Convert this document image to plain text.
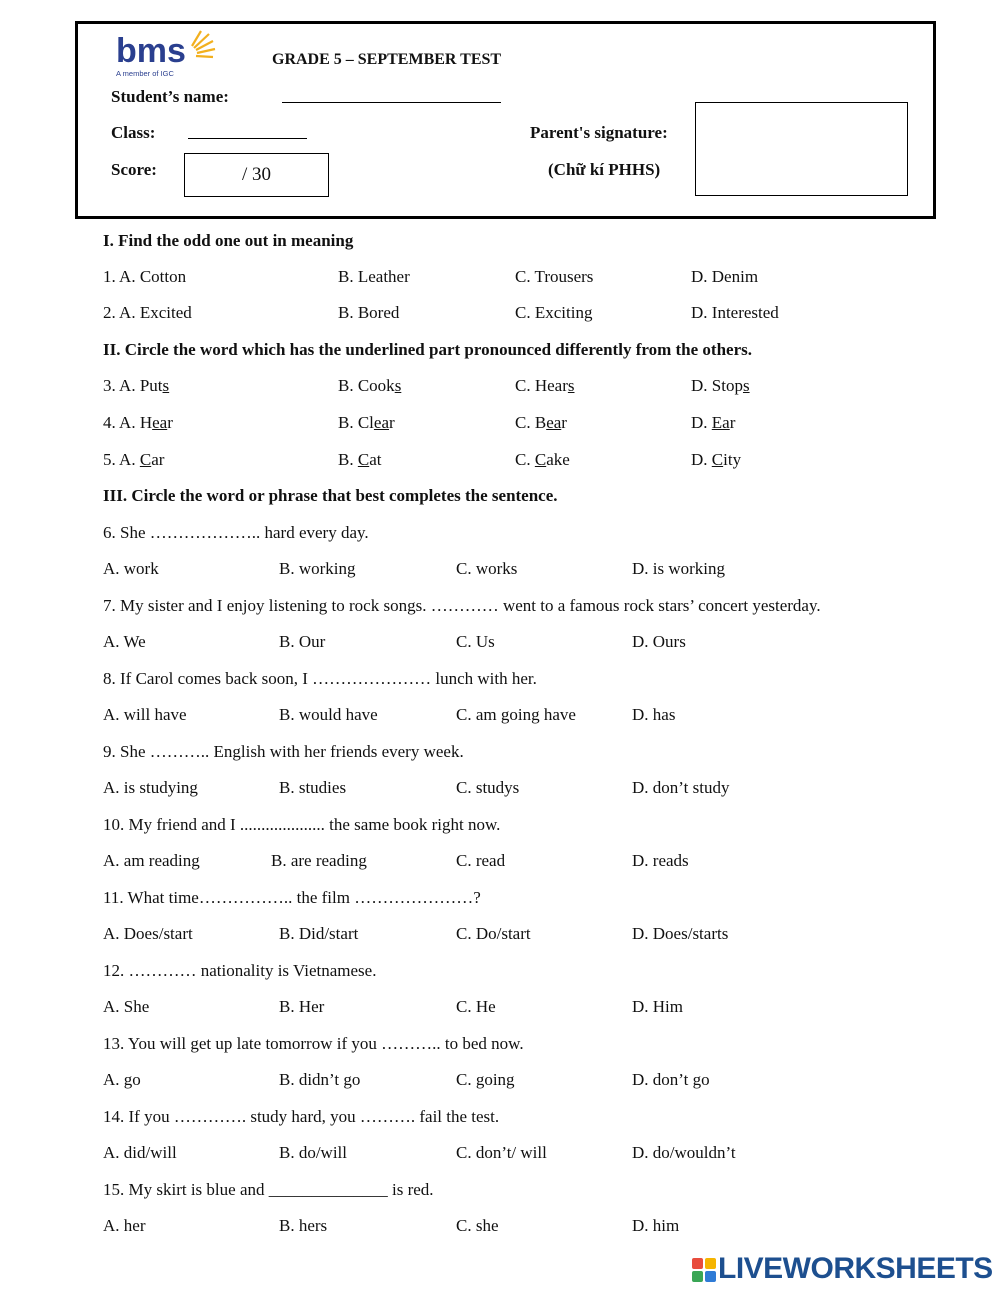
bms
A member of IGC
GRADE 5 – SEPTEMBER TEST
Student’s name:
Class:
Score:	/ 30
Parent's signature:
(Chữ kí PHHS)
I. Find the odd one out in meaning
1. A. Cotton	B. Leather	C. Trousers	D. Denim
2. A. Excited	B. Bored	C. Exciting	D. Interested
II. Circle the word which has the underlined part pronounced differently from the others.
3. A. Puts	B. Cooks	C. Hears	D. Stops
4. A. Hear	B. Clear	C. Bear	D. Ear
5. A. Car	B. Cat	C. Cake	D. City
III. Circle the word or phrase that best completes the sentence.
6. She ……………….. hard every day.
A. work	B. working	C. works	D. is working
7. My sister and I enjoy listening to rock songs. ………… went to a famous rock stars’ concert yesterday.
A. We	B. Our	C. Us	D. Ours
8. If Carol comes back soon, I ………………… lunch with her.
A. will have	B. would have	C. am going have	D. has
9. She ……….. English with her friends every week.
A. is studying	B. studies	C. studys	D. don’t study
10. My friend and I .................... the same book right now.
A. am reading	B. are reading	C. read	D. reads
11. What time…………….. the film …………………?
A. Does/start	B. Did/start	C. Do/start	D. Does/starts
12. ………… nationality is Vietnamese.
A. She	B. Her	C. He	D. Him
13. You will get up late tomorrow if you ……….. to bed now.
A. go	B. didn’t go	C. going	D. don’t go
14. If you …………. study hard, you ………. fail the test.
A. did/will	B. do/will	C. don’t/ will	D. do/wouldn’t
15. My skirt is blue and ______________ is red.
A. her	B. hers	C. she	D. him
LIVEWORKSHEETS
